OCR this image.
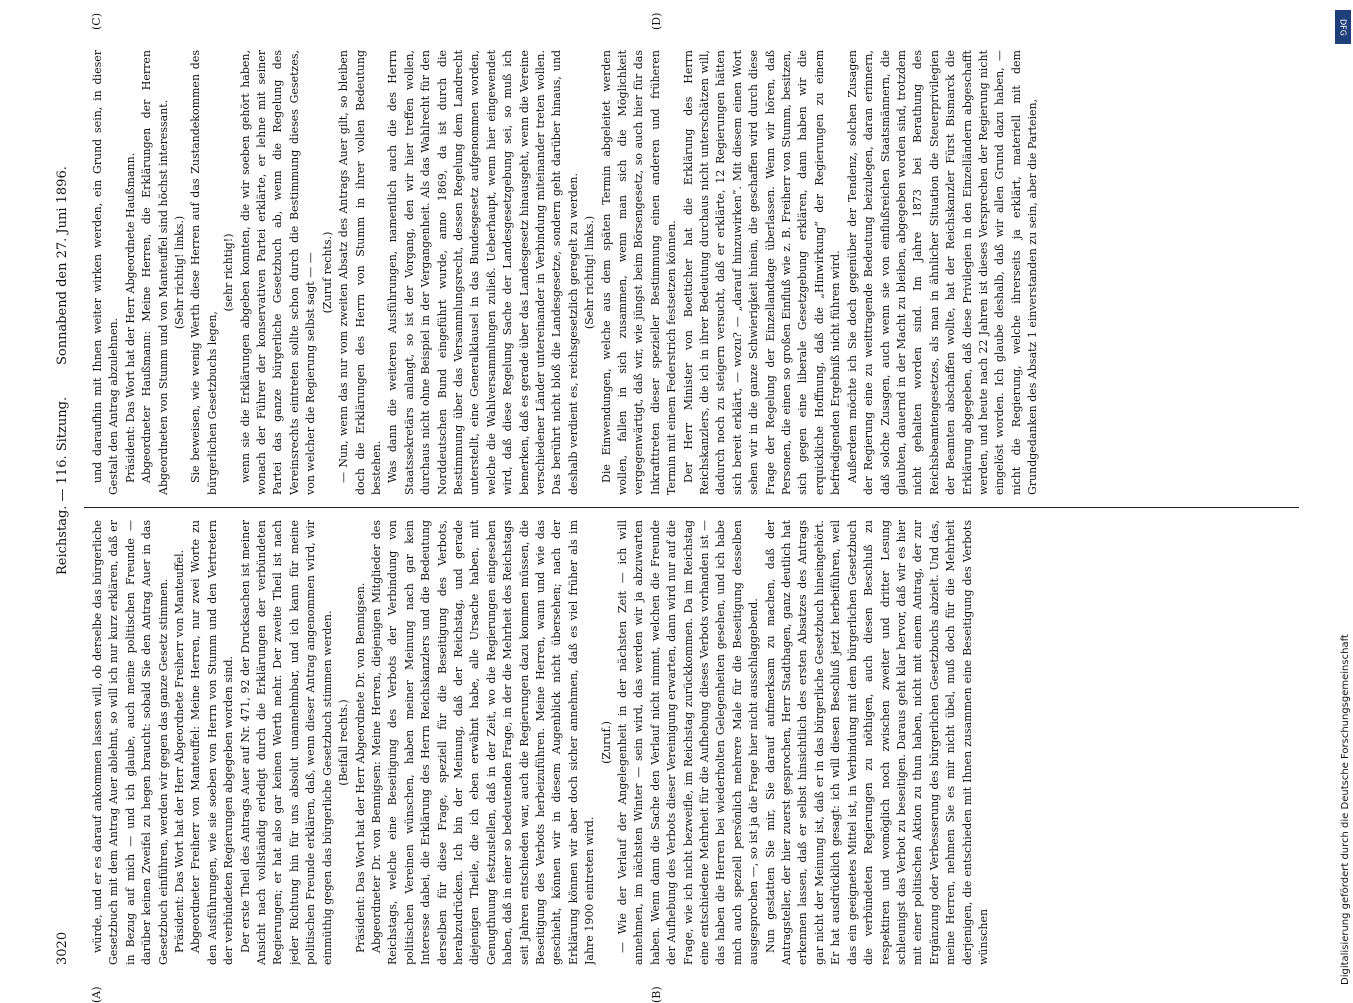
3020
Reichstag. — 116. Sitzung.
Sonnabend den 27. Juni 1896.
(A)	(B)
(C)	(D)

würde, und er es darauf ankommen lassen will, ob derselbe das bürgerliche Gesetzbuch mit dem Antrag Auer ablehnt, so will ich nur kurz erklären, daß er in Bezug auf mich — und ich glaube, auch meine politischen Freunde — darüber keinen Zweifel zu hegen braucht: sobald Sie den Antrag Auer in das Gesetzbuch einführen, werden wir gegen das ganze Gesetz stimmen. Präsident: Das Wort hat der Herr Abgeordnete Freiherr von Manteuffel. Abgeordneter Freiherr von Manteuffel: Meine Herren, nur zwei Worte zu den Ausführungen, wie sie soeben von Herrn von Stumm und den Vertretern der verbündeten Regierungen abgegeben worden sind. Der erste Theil des Antrags Auer auf Nr. 471, 92 der Drucksachen ist meiner Ansicht nach vollständig erledigt durch die Erklärungen der verbündeten Regierungen; er hat also gar keinen Werth mehr. Der zweite Theil ist nach jeder Richtung hin für uns absolut unannehmbar, und ich kann für meine politischen Freunde erklären, daß, wenn dieser Antrag angenommen wird, wir einmüthig gegen das bürgerliche Gesetzbuch stimmen werden. (Beifall rechts.) Präsident: Das Wort hat der Herr Abgeordnete Dr. von Bennigsen. Abgeordneter Dr. von Bennigsen: Meine Herren, diejenigen Mitglieder des Reichstags, welche eine Beseitigung des Verbots der Verbindung von politischen Vereinen wünschen, haben meiner Meinung nach gar kein Interesse dabei, die Erklärung des Herrn Reichskanzlers und die Bedeutung derselben für diese Frage, speziell für die Beseitigung des Verbots, herabzudrücken. Ich bin der Meinung, daß der Reichstag, und gerade diejenigen Theile, die ich eben erwähnt habe, alle Ursache haben, mit Genugthuung festzustellen, daß in der Zeit, wo die Regierungen eingesehen haben, daß in einer so bedeutenden Frage, in der die Mehrheit des Reichstags seit Jahren entschieden war, auch die Regierungen dazu kommen müssen, die Beseitigung des Verbots herbeizuführen. Meine Herren, wann und wie das geschieht, können wir in diesem Augenblick nicht übersehen; nach der Erklärung können wir aber doch sicher annehmen, daß es viel früher als im Jahre 1900 eintreten wird.

(Zuruf.) — Wie der Verlauf der Angelegenheit in der nächsten Zeit — ich will annehmen, im nächsten Winter — sein wird, das werden wir ja abzuwarten haben. Wenn dann die Sache den Verlauf nicht nimmt, welchen die Freunde der Aufhebung des Verbots dieser Vereinigung erwarten, dann wird nur auf die Frage, wie ich nicht bezweifle, im Reichstag zurückkommen. Da im Reichstag eine entschiedene Mehrheit für die Aufhebung dieses Verbots vorhanden ist — das haben die Herren bei wiederholten Gelegenheiten gesehen, und ich habe mich auch speziell persönlich mehrere Male für die Beseitigung desselben ausgesprochen —, so ist ja die Frage hier nicht ausschlaggebend. Nun gestatten Sie mir, Sie darauf aufmerksam zu machen, daß der Antragsteller, der hier zuerst gesprochen, Herr Stadthagen, ganz deutlich hat erkennen lassen, daß er selbst hinsichtlich des ersten Absatzes des Antrags gar nicht der Meinung ist, daß er in das bürgerliche Gesetzbuch hineingehört. Er hat ausdrücklich gesagt: ich will diesen Beschluß jetzt herbeiführen, weil das ein geeignetes Mittel ist, in Verbindung mit dem bürgerlichen Gesetzbuch die verbündeten Regierungen zu nöthigen, auch diesen Beschluß zu respektiren und womöglich noch zwischen zweiter und dritter Lesung schleunigst das Verbot zu beseitigen. Daraus geht klar hervor, daß wir es hier mit einer politischen Aktion zu thun haben, nicht mit einem Antrag, der zur Ergänzung oder Verbesserung des bürgerlichen Gesetzbuchs abzielt. Und das, meine Herren, nehmen Sie es mir nicht übel, muß doch für die Mehrheit derjenigen, die entschieden mit Ihnen zusammen eine Beseitigung des Verbots wünschen

und daraufhin mit Ihnen weiter wirken werden, ein Grund sein, in dieser Gestalt den Antrag abzulehnen. Präsident: Das Wort hat der Herr Abgeordnete Haußmann. Abgeordneter Haußmann: Meine Herren, die Erklärungen der Herren Abgeordneten von Stumm und von Manteuffel sind höchst interessant. (Sehr richtig! links.) Sie beweisen, wie wenig Werth diese Herren auf das Zustandekommen des bürgerlichen Gesetzbuchs legen,

(sehr richtig!) wenn sie die Erklärungen abgeben konnten, die wir soeben gehört haben, wonach der Führer der konservativen Partei erklärte, er lehne mit seiner Partei das ganze bürgerliche Gesetzbuch ab, wenn die Regelung des Vereinsrechts eintreten sollte schon durch die Bestimmung dieses Gesetzes, von welcher die Regierung selbst sagt — — (Zuruf rechts.) — Nun, wenn das nur vom zweiten Absatz des Antrags Auer gilt, so bleiben doch die Erklärungen des Herrn von Stumm in ihrer vollen Bedeutung bestehen. Was dann die weiteren Ausführungen, namentlich auch die des Herrn Staatssekretärs anlangt, so ist der Vorgang, den wir hier treffen wollen, durchaus nicht ohne Beispiel in der Vergangenheit. Als das Wahlrecht für den Norddeutschen Bund eingeführt wurde, anno 1869, da ist durch die Bestimmung über das Versammlungsrecht, dessen Regelung dem Landrecht unterstellt, eine Generalklausel in das Bundesgesetz aufgenommen worden, welche die Wahlversammlungen zuließ. Ueberhaupt, wenn hier eingewendet wird, daß diese Regelung Sache der Landesgesetzgebung sei, so muß ich bemerken, daß es gerade über das Landesgesetz hinausgeht, wenn die Vereine verschiedener Länder untereinander in Verbindung miteinander treten wollen. Das berührt nicht bloß die Landesgesetze, sondern geht darüber hinaus, und deshalb verdient es, reichsgesetzlich geregelt zu werden. (Sehr richtig! links.) Die Einwendungen, welche aus dem späten Termin abgeleitet werden wollen, fallen in sich zusammen, wenn man sich die Möglichkeit vergegenwärtigt, daß wir, wie jüngst beim Börsengesetz, so auch hier für das Inkrafttreten dieser spezieller Bestimmung einen anderen und früheren Termin mit einem Federstrich festsetzen können. Der Herr Minister von Boetticher hat die Erklärung des Herrn Reichskanzlers, die ich in ihrer Bedeutung durchaus nicht unterschätzen will, dadurch noch zu steigern versucht, daß er erklärte, 12 Regierungen hätten sich bereit erklärt, — wozu? — „darauf hinzuwirken“. Mit diesem einen Wort sehen wir in die ganze Schwierigkeit hinein, die geschaffen wird durch diese Frage der Regelung der Einzellandtage überlassen. Wenn wir hören, daß Personen, die einen so großen Einfluß wie z. B. Freiherr von Stumm, besitzen, sich gegen eine liberale Gesetzgebung erklären, dann haben wir die erquickliche Hoffnung, daß die „Hinwirkung“ der Regierungen zu einem befriedigenden Ergebniß nicht führen wird. Außerdem möchte ich Sie doch gegenüber der Tendenz, solchen Zusagen der Regierung eine zu weittragende Bedeutung beizulegen, daran erinnern, daß solche Zusagen, auch wenn sie von einflußreichen Staatsmännern, die glaubten, dauernd in der Macht zu bleiben, abgegeben worden sind, trotzdem nicht gehalten worden sind. Im Jahre 1873 bei Berathung des Reichsbeamtengesetzes, als man in ähnlicher Situation die Steuerprivilegien der Beamten abschaffen wollte, hat der Reichskanzler Fürst Bismarck die Erklärung abgegeben, daß diese Privilegien in den Einzelländern abgeschafft werden, und heute nach 22 Jahren ist dieses Versprechen der Regierung nicht eingelöst worden. Ich glaube deshalb, daß wir allen Grund dazu haben, — nicht die Regierung, welche ihrerseits ja erklärt, materiell mit dem Grundgedanken des Absatz 1 einverstanden zu sein, aber die Parteien,

Digitalisierung gefördert durch die Deutsche Forschungsgemeinschaft
DFG
